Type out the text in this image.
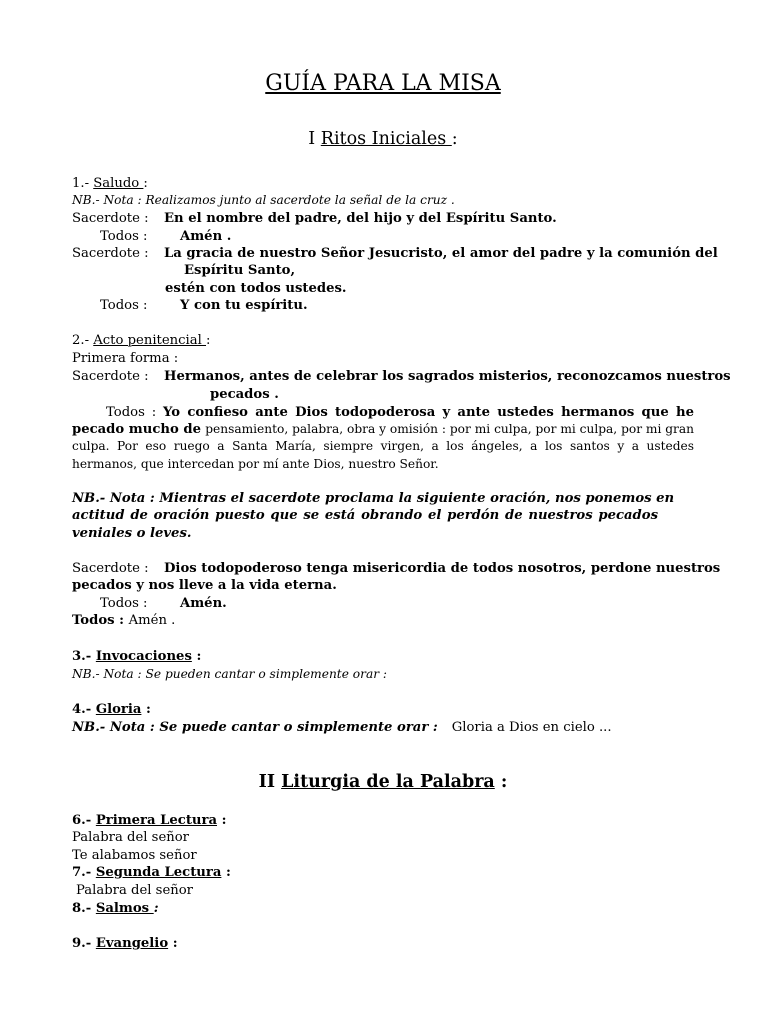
GUÍA PARA LA MISA
I Ritos Iniciales :
1.- Saludo :
NB.- Nota : Realizamos junto al sacerdote la señal de la cruz .
Sacerdote : En el nombre del padre, del hijo y del Espíritu Santo.
Todos : Amén .
Sacerdote : La gracia de nuestro Señor Jesucristo, el amor del padre y la comunión del
Espíritu Santo,
estén con todos ustedes.
Todos : Y con tu espíritu.
2.- Acto penitencial :
Primera forma :
Sacerdote : Hermanos, antes de celebrar los sagrados misterios, reconozcamos nuestros
pecados .
Todos : Yo confieso ante Dios todopoderosa y ante ustedes hermanos que he
pecado mucho de pensamiento, palabra, obra y omisión : por mi culpa, por mi culpa, por mi gran
culpa. Por eso ruego a Santa María, siempre virgen, a los ángeles, a los santos y a ustedes
hermanos, que intercedan por mí ante Dios, nuestro Señor.
NB.- Nota : Mientras el sacerdote proclama la siguiente oración, nos ponemos en
actitud de oración puesto que se está obrando el perdón de nuestros pecados
veniales o leves.
Sacerdote : Dios todopoderoso tenga misericordia de todos nosotros, perdone nuestros
pecados y nos lleve a la vida eterna.
Todos : Amén.
Todos : Amén .
3.- Invocaciones :
NB.- Nota : Se pueden cantar o simplemente orar :
4.- Gloria :
NB.- Nota : Se puede cantar o simplemente orar : Gloria a Dios en cielo ...
II Liturgia de la Palabra :
6.- Primera Lectura :
Palabra del señor
Te alabamos señor
7.- Segunda Lectura :
Palabra del señor
8.- Salmos :
9.- Evangelio :
